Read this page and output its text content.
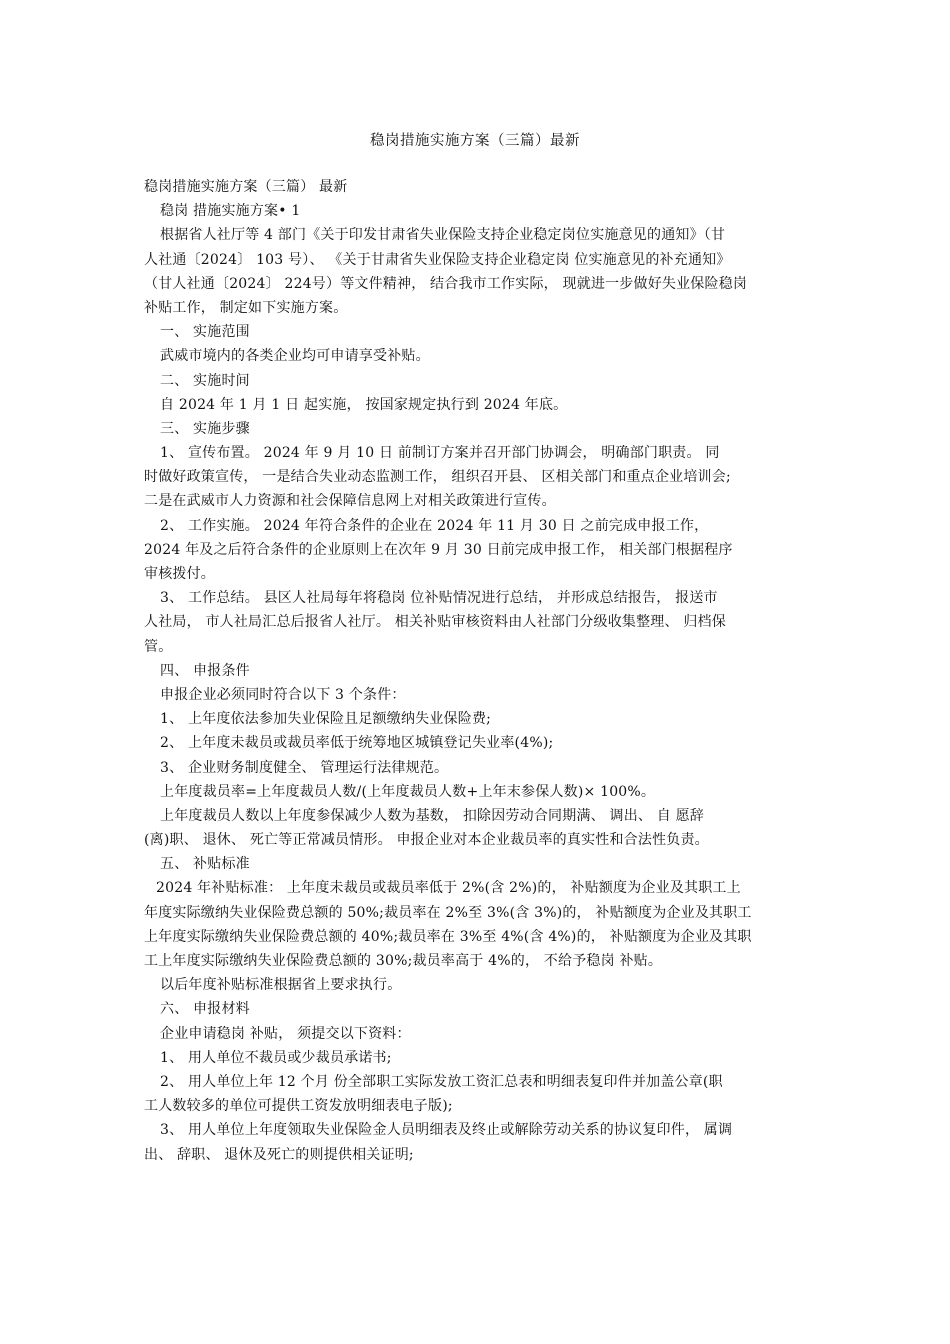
稳岗措施实施方案（三篇）最新
稳岗措施实施方案（三篇） 最新
稳岗 措施实施方案• 1
根据省人社厅等 4 部门《关于印发甘肃省失业保险支持企业稳定岗位实施意见的通知》（甘
人社通〔2024〕 103 号）、 《关于甘肃省失业保险支持企业稳定岗 位实施意见的补充通知》
（甘人社通〔2024〕 224号）等文件精神， 结合我市工作实际， 现就进一步做好失业保险稳岗
补贴工作， 制定如下实施方案。
一、 实施范围
武威市境内的各类企业均可申请享受补贴。
二、 实施时间
自 2024 年 1 月 1 日 起实施， 按国家规定执行到 2024 年底。
三、 实施步骤
1、 宣传布置。 2024 年 9 月 10 日 前制订方案并召开部门协调会， 明确部门职责。 同
时做好政策宣传， 一是结合失业动态监测工作， 组织召开县、 区相关部门和重点企业培训会;
二是在武威市人力资源和社会保障信息网上对相关政策进行宣传。
2、 工作实施。 2024 年符合条件的企业在 2024 年 11 月 30 日 之前完成申报工作，
2024 年及之后符合条件的企业原则上在次年 9 月 30 日前完成申报工作， 相关部门根据程序
审核拨付。
3、 工作总结。 县区人社局每年将稳岗 位补贴情况进行总结， 并形成总结报告， 报送市
人社局， 市人社局汇总后报省人社厅。 相关补贴审核资料由人社部门分级收集整理、 归档保
管。
四、 申报条件
申报企业必须同时符合以下 3 个条件：
1、 上年度依法参加失业保险且足额缴纳失业保险费;
2、 上年度未裁员或裁员率低于统筹地区城镇登记失业率(4%);
3、 企业财务制度健全、 管理运行法律规范。
上年度裁员率=上年度裁员人数/(上年度裁员人数+上年末参保人数)× 100%。
上年度裁员人数以上年度参保减少人数为基数， 扣除因劳动合同期满、 调出、 自 愿辞
(离)职、 退休、 死亡等正常减员情形。 申报企业对本企业裁员率的真实性和合法性负责。
五、 补贴标准
2024 年补贴标准： 上年度未裁员或裁员率低于 2%(含 2%)的， 补贴额度为企业及其职工上
年度实际缴纳失业保险费总额的 50%;裁员率在 2%至 3%(含 3%)的， 补贴额度为企业及其职工
上年度实际缴纳失业保险费总额的 40%;裁员率在 3%至 4%(含 4%)的， 补贴额度为企业及其职
工上年度实际缴纳失业保险费总额的 30%;裁员率高于 4%的， 不给予稳岗 补贴。
以后年度补贴标准根据省上要求执行。
六、 申报材料
企业申请稳岗 补贴， 须提交以下资料：
1、 用人单位不裁员或少裁员承诺书;
2、 用人单位上年 12 个月 份全部职工实际发放工资汇总表和明细表复印件并加盖公章(职
工人数较多的单位可提供工资发放明细表电子版);
3、 用人单位上年度领取失业保险金人员明细表及终止或解除劳动关系的协议复印件， 属调
出、 辞职、 退休及死亡的则提供相关证明;
